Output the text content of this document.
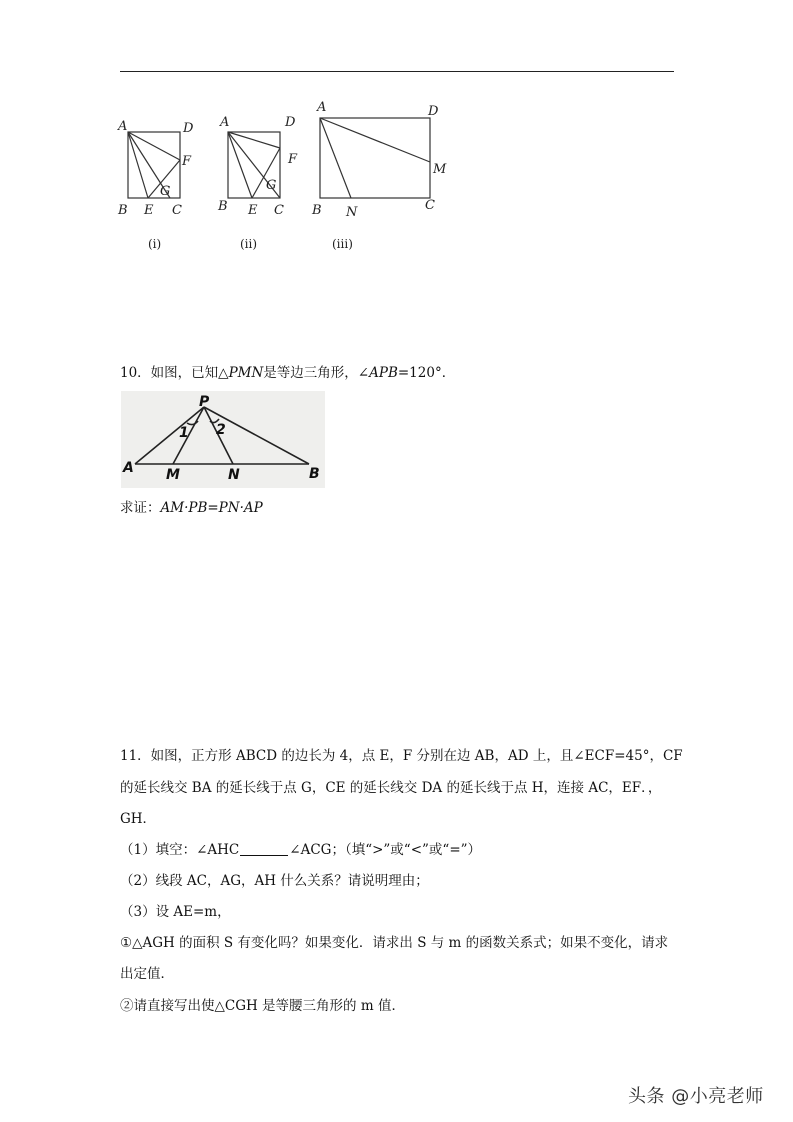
A	D
F
B E C
G
(i)
A	D
F
B E C
G
(ii)
A	D
M
B N	C
(iii)
10．如图，已知△PMN是等边三角形，∠APB=120°．
P
1 2
A M	N	B
求证：AM·PB=PN·AP
11．如图，正方形 ABCD 的边长为 4，点 E，F 分别在边 AB，AD 上，且∠ECF=45°，CF
的延长线交 BA 的延长线于点 G，CE 的延长线交 DA 的延长线于点 H，连接 AC，EF．，
GH．
（1）填空：∠AHC	∠ACG；（填“>”或“<”或“=”）
（2）线段 AC，AG，AH 什么关系？请说明理由；
（3）设 AE=m，
①△AGH 的面积 S 有变化吗？如果变化．请求出 S 与 m 的函数关系式；如果不变化，请求
出定值．
②请直接写出使△CGH 是等腰三角形的 m 值．
头条 @小亮老师
